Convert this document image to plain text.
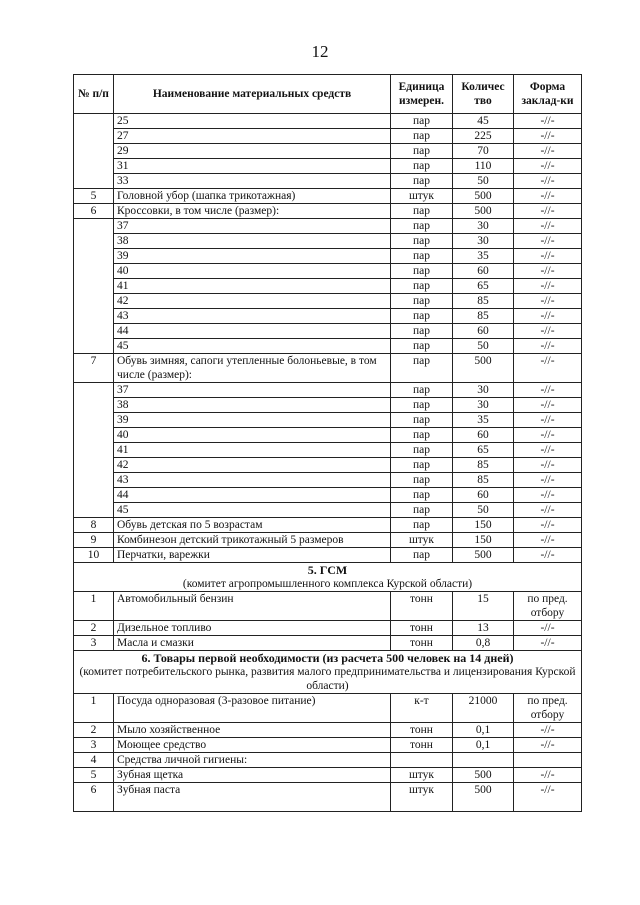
12
№ п/п	Наименование материальных средств	Единица измерен.	Количес тво	Форма заклад-ки
	25	пар	45	-//-
	27	пар	225	-//-
	29	пар	70	-//-
	31	пар	110	-//-
	33	пар	50	-//-
5	Головной убор (шапка трикотажная)	штук	500	-//-
6	Кроссовки, в том числе (размер):	пар	500	-//-
	37	пар	30	-//-
	38	пар	30	-//-
	39	пар	35	-//-
	40	пар	60	-//-
	41	пар	65	-//-
	42	пар	85	-//-
	43	пар	85	-//-
	44	пар	60	-//-
	45	пар	50	-//-
7	Обувь зимняя, сапоги утепленные болоньевые, в том числе (размер):	пар	500	-//-
	37	пар	30	-//-
	38	пар	30	-//-
	39	пар	35	-//-
	40	пар	60	-//-
	41	пар	65	-//-
	42	пар	85	-//-
	43	пар	85	-//-
	44	пар	60	-//-
	45	пар	50	-//-
8	Обувь детская по 5 возрастам	пар	150	-//-
9	Комбинезон детский трикотажный 5 размеров	штук	150	-//-
10	Перчатки, варежки	пар	500	-//-
5. ГСМ				
(комитет агропромышленного комплекса Курской области)				
1	Автомобильный бензин	тонн	15	по пред. отбору
2	Дизельное топливо	тонн	13	-//-
3	Масла и смазки	тонн	0,8	-//-
6. Товары первой необходимости (из расчета 500 человек на 14 дней)				
(комитет потребительского рынка, развития малого предпринимательства и лицензирования Курской области)				
1	Посуда одноразовая (3-разовое питание)	к-т	21000	по пред. отбору
2	Мыло хозяйственное	тонн	0,1	-//-
3	Моющее средство	тонн	0,1	-//-
4	Средства личной гигиены:			
5	Зубная щетка	штук	500	-//-
6	Зубная паста	штук	500	-//-
